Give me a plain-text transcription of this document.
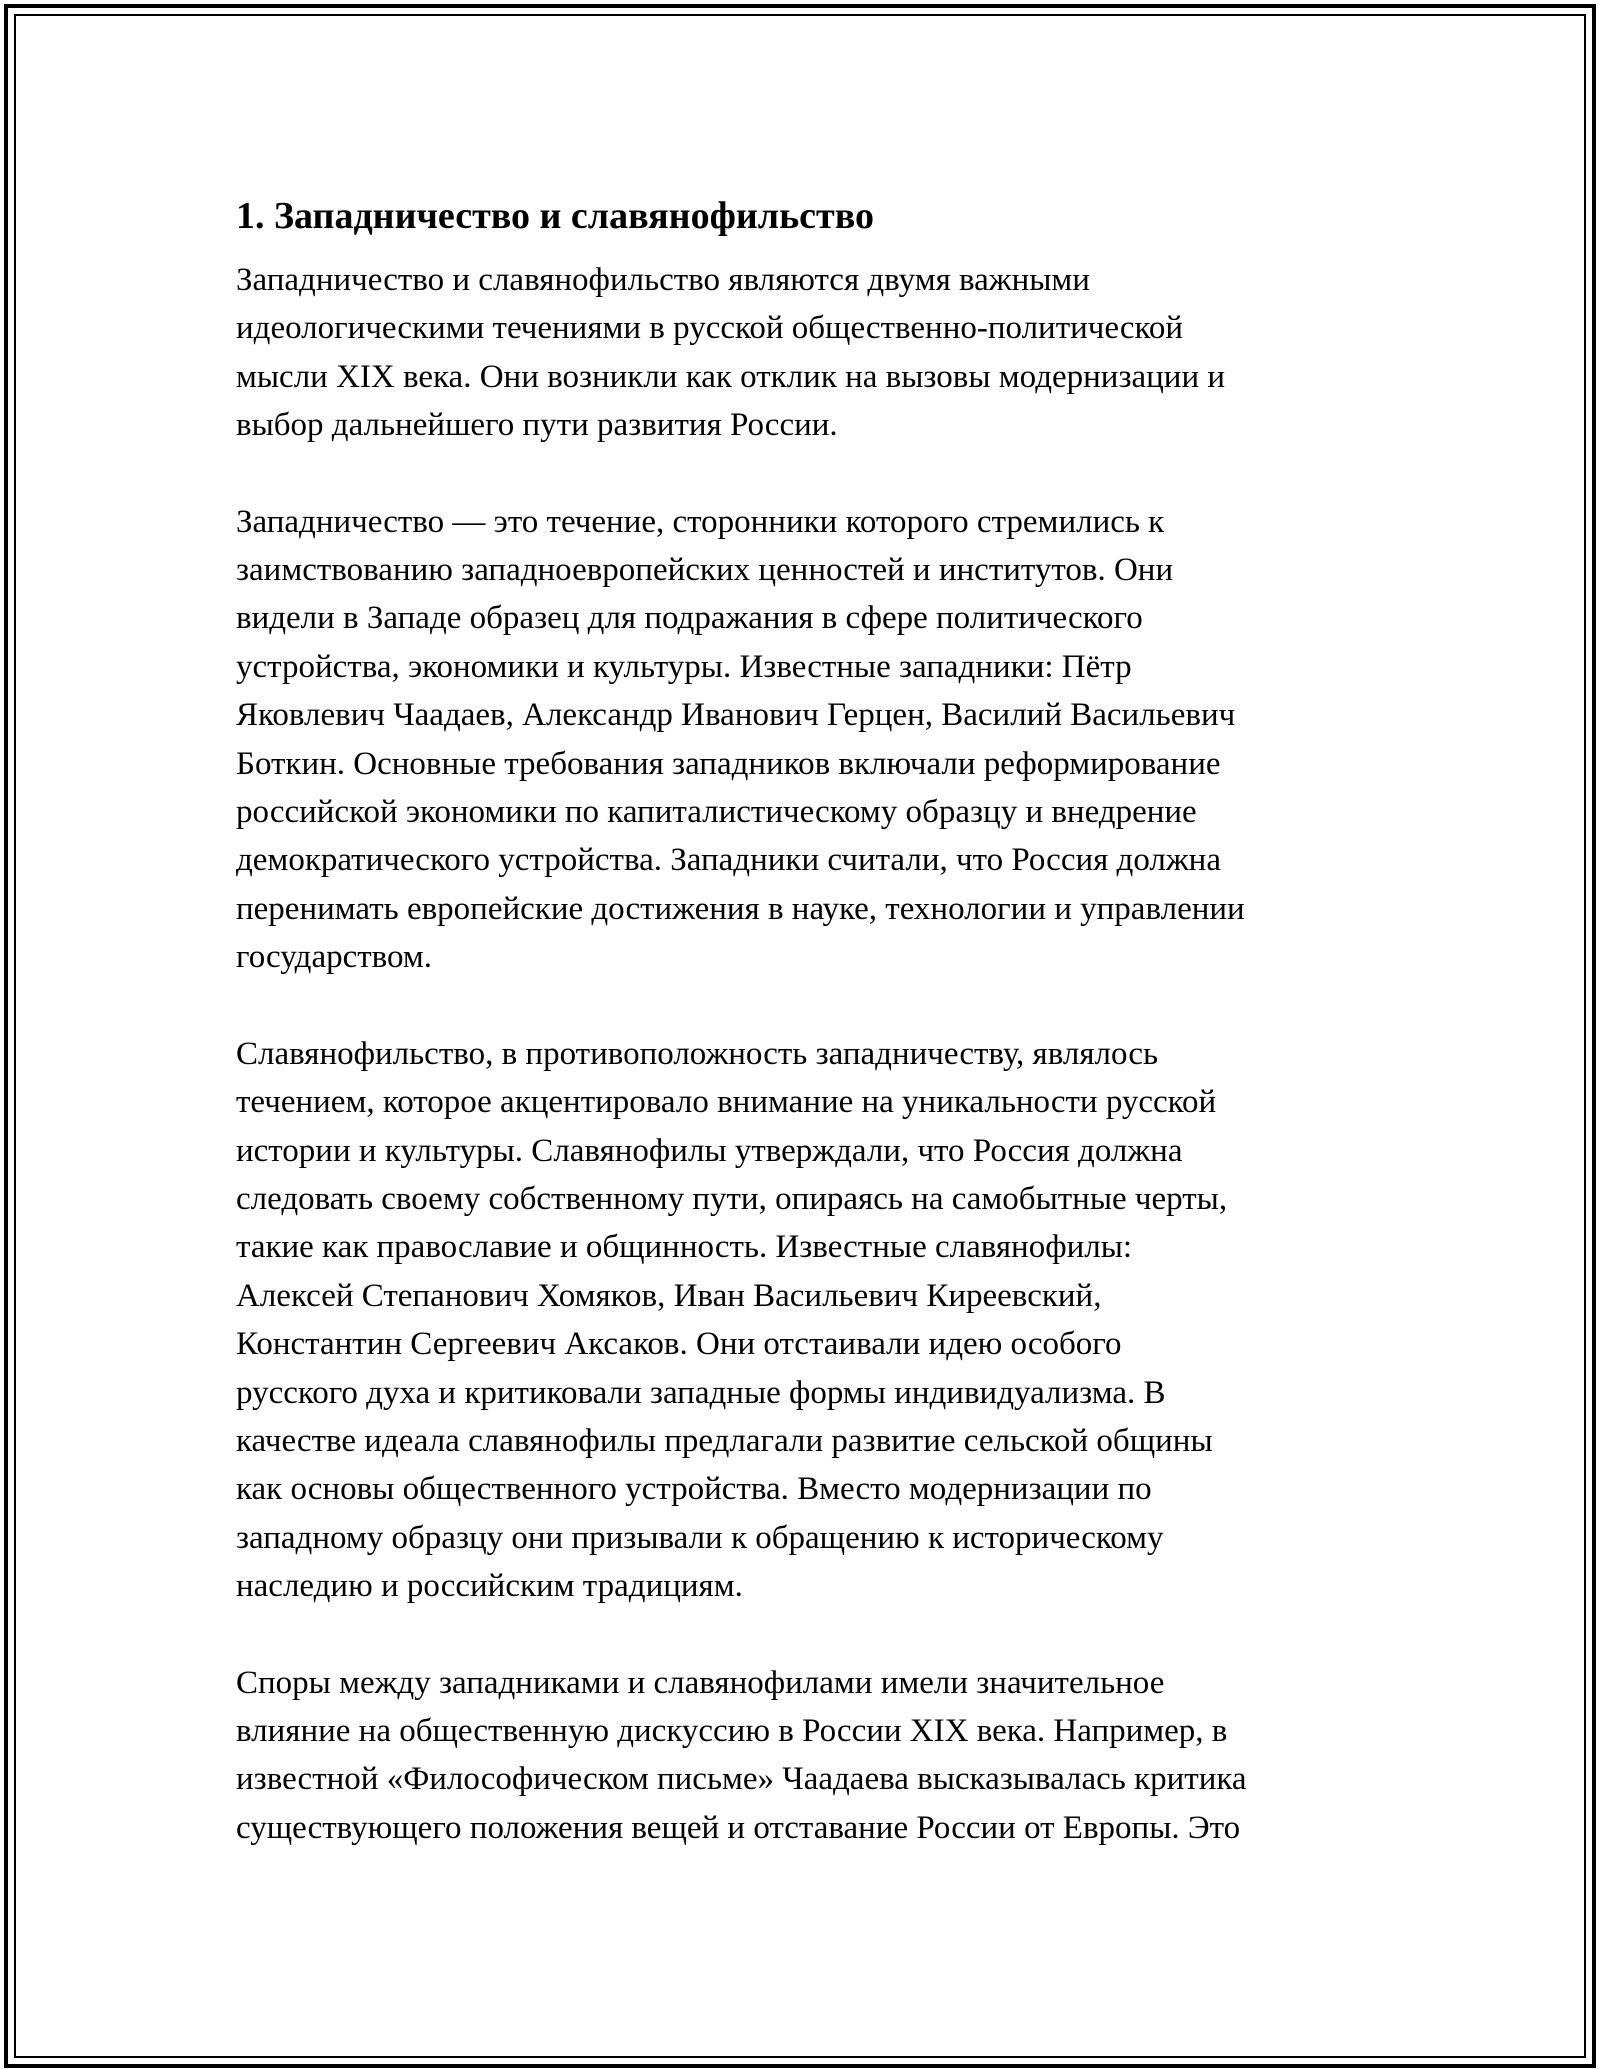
1. Западничество и славянофильство

Западничество и славянофильство являются двумя важными
идеологическими течениями в русской общественно-политической
мысли XIX века. Они возникли как отклик на вызовы модернизации и
выбор дальнейшего пути развития России.

Западничество — это течение, сторонники которого стремились к
заимствованию западноевропейских ценностей и институтов. Они
видели в Западе образец для подражания в сфере политического
устройства, экономики и культуры. Известные западники: Пётр
Яковлевич Чаадаев, Александр Иванович Герцен, Василий Васильевич
Боткин. Основные требования западников включали реформирование
российской экономики по капиталистическому образцу и внедрение
демократического устройства. Западники считали, что Россия должна
перенимать европейские достижения в науке, технологии и управлении
государством.

Славянофильство, в противоположность западничеству, являлось
течением, которое акцентировало внимание на уникальности русской
истории и культуры. Славянофилы утверждали, что Россия должна
следовать своему собственному пути, опираясь на самобытные черты,
такие как православие и общинность. Известные славянофилы:
Алексей Степанович Хомяков, Иван Васильевич Киреевский,
Константин Сергеевич Аксаков. Они отстаивали идею особого
русского духа и критиковали западные формы индивидуализма. В
качестве идеала славянофилы предлагали развитие сельской общины
как основы общественного устройства. Вместо модернизации по
западному образцу они призывали к обращению к историческому
наследию и российским традициям.

Споры между западниками и славянофилами имели значительное
влияние на общественную дискуссию в России XIX века. Например, в
известной «Философическом письме» Чаадаева высказывалась критика
существующего положения вещей и отставание России от Европы. Это
